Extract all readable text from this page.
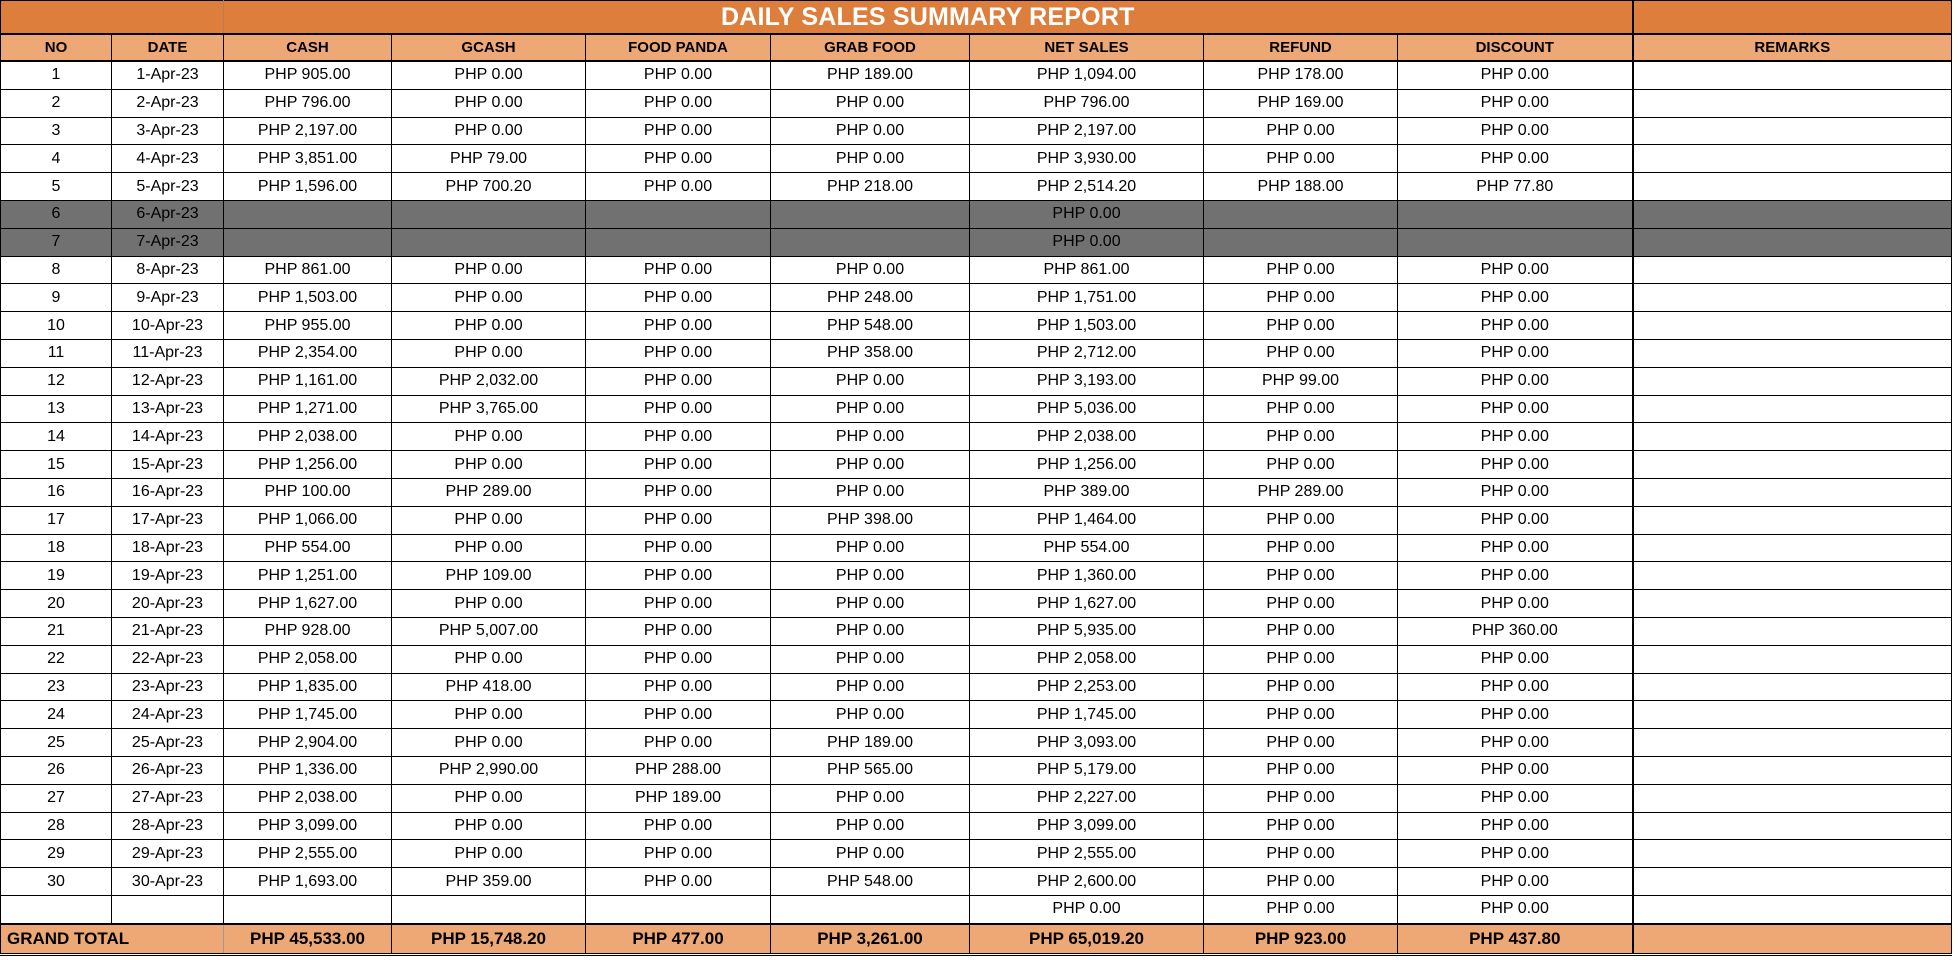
		DAILY SALES SUMMARY REPORT							
NO	DATE	CASH	GCASH	FOOD PANDA	GRAB FOOD	NET SALES	REFUND	DISCOUNT	REMARKS
1	1-Apr-23	PHP 905.00	PHP 0.00	PHP 0.00	PHP 189.00	PHP 1,094.00	PHP 178.00	PHP 0.00	
2	2-Apr-23	PHP 796.00	PHP 0.00	PHP 0.00	PHP 0.00	PHP 796.00	PHP 169.00	PHP 0.00	
3	3-Apr-23	PHP 2,197.00	PHP 0.00	PHP 0.00	PHP 0.00	PHP 2,197.00	PHP 0.00	PHP 0.00	
4	4-Apr-23	PHP 3,851.00	PHP 79.00	PHP 0.00	PHP 0.00	PHP 3,930.00	PHP 0.00	PHP 0.00	
5	5-Apr-23	PHP 1,596.00	PHP 700.20	PHP 0.00	PHP 218.00	PHP 2,514.20	PHP 188.00	PHP 77.80	
6	6-Apr-23					PHP 0.00			
7	7-Apr-23					PHP 0.00			
8	8-Apr-23	PHP 861.00	PHP 0.00	PHP 0.00	PHP 0.00	PHP 861.00	PHP 0.00	PHP 0.00	
9	9-Apr-23	PHP 1,503.00	PHP 0.00	PHP 0.00	PHP 248.00	PHP 1,751.00	PHP 0.00	PHP 0.00	
10	10-Apr-23	PHP 955.00	PHP 0.00	PHP 0.00	PHP 548.00	PHP 1,503.00	PHP 0.00	PHP 0.00	
11	11-Apr-23	PHP 2,354.00	PHP 0.00	PHP 0.00	PHP 358.00	PHP 2,712.00	PHP 0.00	PHP 0.00	
12	12-Apr-23	PHP 1,161.00	PHP 2,032.00	PHP 0.00	PHP 0.00	PHP 3,193.00	PHP 99.00	PHP 0.00	
13	13-Apr-23	PHP 1,271.00	PHP 3,765.00	PHP 0.00	PHP 0.00	PHP 5,036.00	PHP 0.00	PHP 0.00	
14	14-Apr-23	PHP 2,038.00	PHP 0.00	PHP 0.00	PHP 0.00	PHP 2,038.00	PHP 0.00	PHP 0.00	
15	15-Apr-23	PHP 1,256.00	PHP 0.00	PHP 0.00	PHP 0.00	PHP 1,256.00	PHP 0.00	PHP 0.00	
16	16-Apr-23	PHP 100.00	PHP 289.00	PHP 0.00	PHP 0.00	PHP 389.00	PHP 289.00	PHP 0.00	
17	17-Apr-23	PHP 1,066.00	PHP 0.00	PHP 0.00	PHP 398.00	PHP 1,464.00	PHP 0.00	PHP 0.00	
18	18-Apr-23	PHP 554.00	PHP 0.00	PHP 0.00	PHP 0.00	PHP 554.00	PHP 0.00	PHP 0.00	
19	19-Apr-23	PHP 1,251.00	PHP 109.00	PHP 0.00	PHP 0.00	PHP 1,360.00	PHP 0.00	PHP 0.00	
20	20-Apr-23	PHP 1,627.00	PHP 0.00	PHP 0.00	PHP 0.00	PHP 1,627.00	PHP 0.00	PHP 0.00	
21	21-Apr-23	PHP 928.00	PHP 5,007.00	PHP 0.00	PHP 0.00	PHP 5,935.00	PHP 0.00	PHP 360.00	
22	22-Apr-23	PHP 2,058.00	PHP 0.00	PHP 0.00	PHP 0.00	PHP 2,058.00	PHP 0.00	PHP 0.00	
23	23-Apr-23	PHP 1,835.00	PHP 418.00	PHP 0.00	PHP 0.00	PHP 2,253.00	PHP 0.00	PHP 0.00	
24	24-Apr-23	PHP 1,745.00	PHP 0.00	PHP 0.00	PHP 0.00	PHP 1,745.00	PHP 0.00	PHP 0.00	
25	25-Apr-23	PHP 2,904.00	PHP 0.00	PHP 0.00	PHP 189.00	PHP 3,093.00	PHP 0.00	PHP 0.00	
26	26-Apr-23	PHP 1,336.00	PHP 2,990.00	PHP 288.00	PHP 565.00	PHP 5,179.00	PHP 0.00	PHP 0.00	
27	27-Apr-23	PHP 2,038.00	PHP 0.00	PHP 189.00	PHP 0.00	PHP 2,227.00	PHP 0.00	PHP 0.00	
28	28-Apr-23	PHP 3,099.00	PHP 0.00	PHP 0.00	PHP 0.00	PHP 3,099.00	PHP 0.00	PHP 0.00	
29	29-Apr-23	PHP 2,555.00	PHP 0.00	PHP 0.00	PHP 0.00	PHP 2,555.00	PHP 0.00	PHP 0.00	
30	30-Apr-23	PHP 1,693.00	PHP 359.00	PHP 0.00	PHP 548.00	PHP 2,600.00	PHP 0.00	PHP 0.00	
						PHP 0.00	PHP 0.00	PHP 0.00	
GRAND TOTAL		PHP 45,533.00	PHP 15,748.20	PHP 477.00	PHP 3,261.00	PHP 65,019.20	PHP 923.00	PHP 437.80	
